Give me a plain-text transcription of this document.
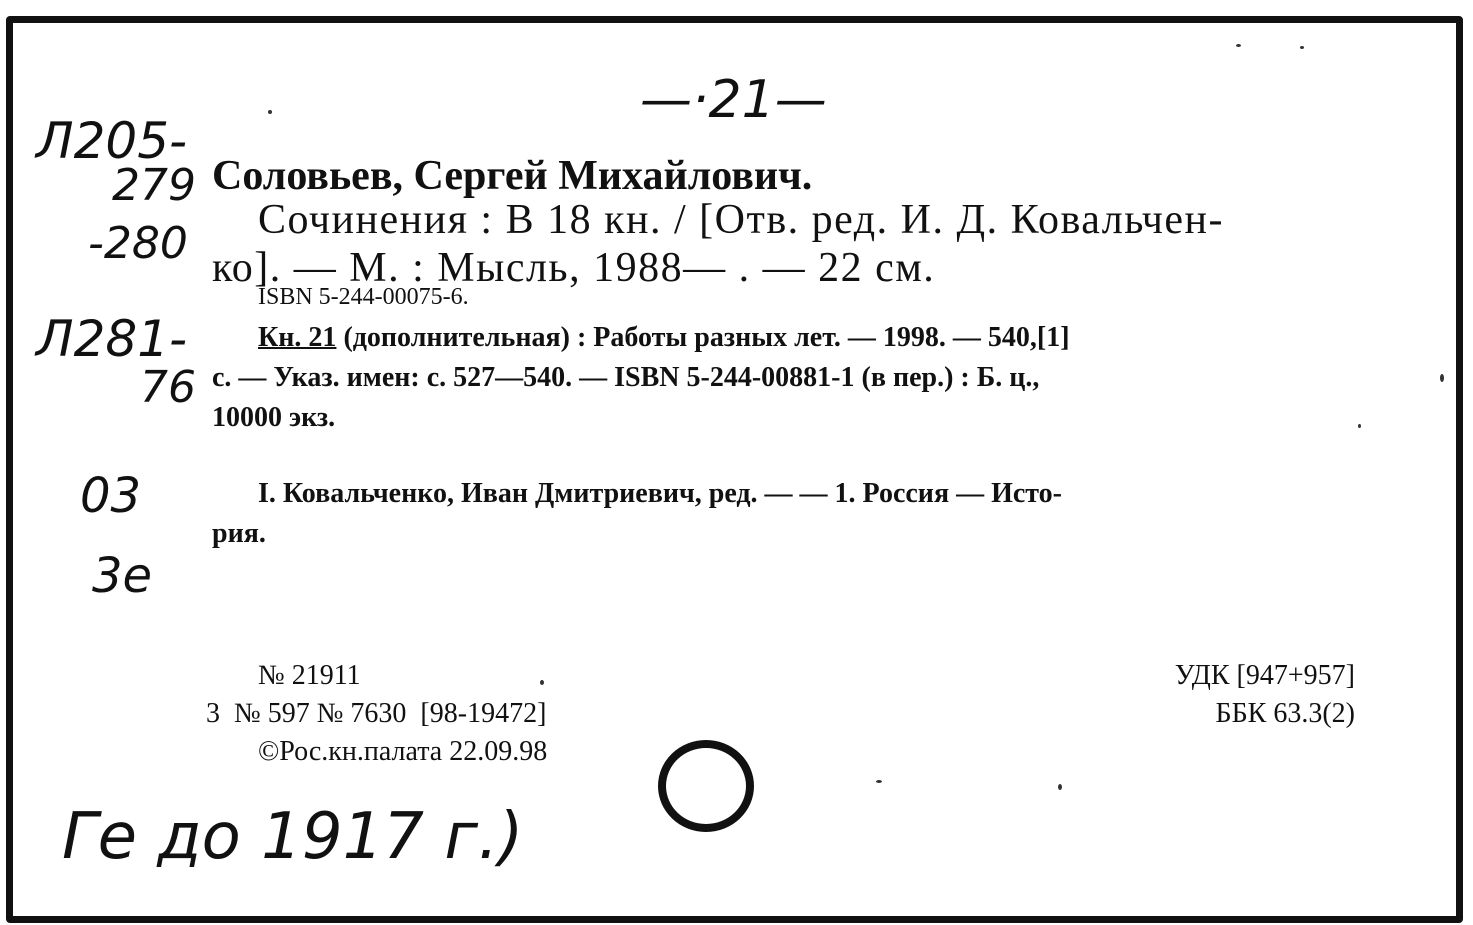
—·21—
Л205-
279
-280
Л281-
76
03
3е
Ге до 1917 г.)
Соловьев, Сергей Михайлович.
Сочинения : В 18 кн. / [Отв. ред. И. Д. Ковальчен-
ко]. — М. : Мысль, 1988— . — 22 см.
ISBN 5-244-00075-6.
Кн. 21 (дополнительная) : Работы разных лет. — 1998. — 540,[1]
с. — Указ. имен: с. 527—540. — ISBN 5-244-00881-1 (в пер.) : Б. ц.,
10000 экз.
I. Ковальченко, Иван Дмитриевич, ред. — — 1. Россия — Исто-
рия.
№ 21911
3  № 597 № 7630  [98-19472]
©Рос.кн.палата 22.09.98
УДК [947+957]
ББК 63.3(2)
